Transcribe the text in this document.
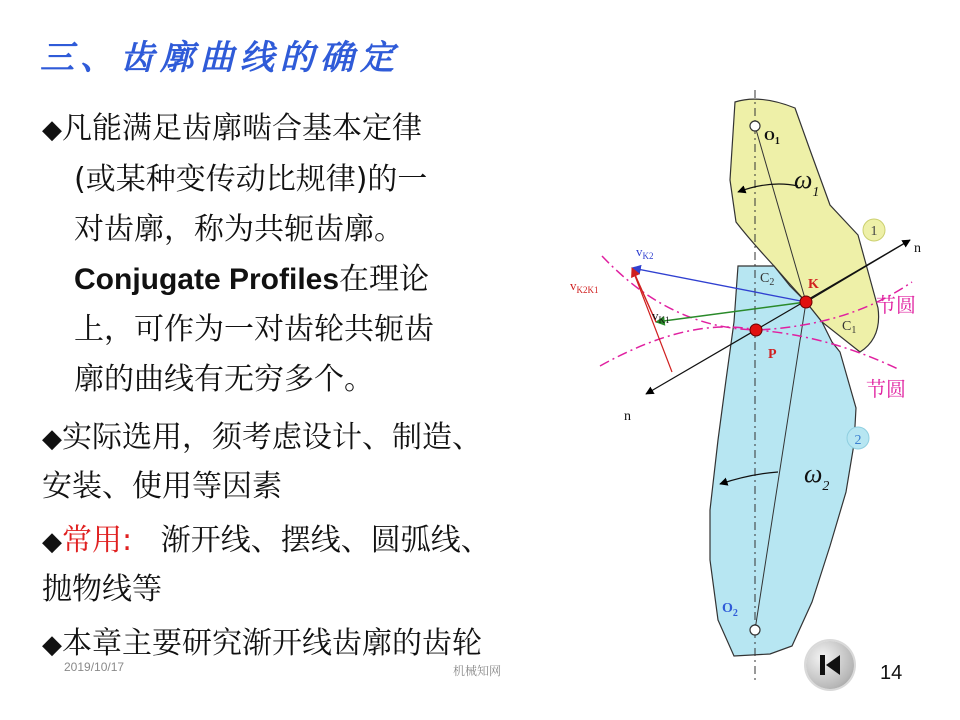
三、齿廓曲线的确定

◆凡能满足齿廓啮合基本定律

(或某种变传动比规律)的一

对齿廓，称为共轭齿廓。

Conjugate Profiles在理论

上，可作为一对齿轮共轭齿

廓的曲线有无穷多个。

◆实际选用，须考虑设计、制造、
安装、使用等因素
◆常用:   渐开线、摆线、圆弧线、
抛物线等
◆本章主要研究渐开线齿廓的齿轮
1
2
$O_1$
$\omega_1$
n
n
$v_{K2}$
$v_{K2K1}$
$v_{K1}$
$C_2$ K
$C_1$
P
$\omega_2$
$O_2$
节圆
节圆
2019/10/17	机械知网	14
